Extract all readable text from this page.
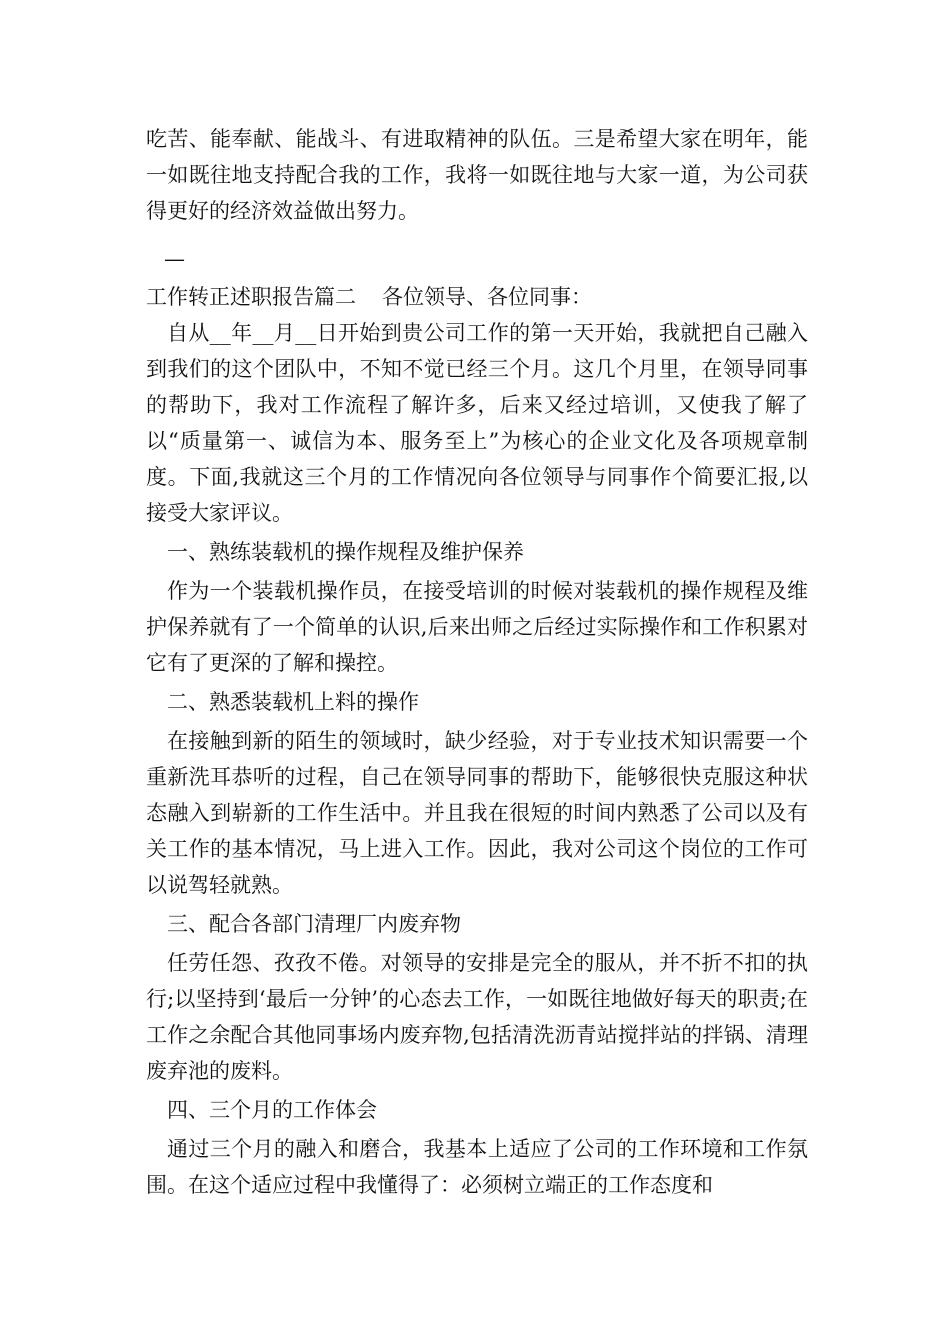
吃苦、能奉献、能战斗、有进取精神的队伍。三是希望大家在明年，能一如既往地支持配合我的工作，我将一如既往地与大家一道，为公司获得更好的经济效益做出努力。

—

工作转正述职报告篇二 各位领导、各位同事：

自从__年__月__日开始到贵公司工作的第一天开始，我就把自己融入到我们的这个团队中，不知不觉已经三个月。这几个月里，在领导同事的帮助下，我对工作流程了解许多，后来又经过培训，又使我了解了以“质量第一、诚信为本、服务至上”为核心的企业文化及各项规章制度。下面,我就这三个月的工作情况向各位领导与同事作个简要汇报,以接受大家评议。

一、熟练装载机的操作规程及维护保养

作为一个装载机操作员，在接受培训的时候对装载机的操作规程及维护保养就有了一个简单的认识,后来出师之后经过实际操作和工作积累对它有了更深的了解和操控。

二、熟悉装载机上料的操作

在接触到新的陌生的领域时，缺少经验，对于专业技术知识需要一个重新洗耳恭听的过程，自己在领导同事的帮助下，能够很快克服这种状态融入到崭新的工作生活中。并且我在很短的时间内熟悉了公司以及有关工作的基本情况，马上进入工作。因此，我对公司这个岗位的工作可以说驾轻就熟。

三、配合各部门清理厂内废弃物

任劳任怨、孜孜不倦。对领导的安排是完全的服从，并不折不扣的执行;以坚持到‘最后一分钟’的心态去工作，一如既往地做好每天的职责;在工作之余配合其他同事场内废弃物,包括清洗沥青站搅拌站的拌锅、清理废弃池的废料。

四、三个月的工作体会

通过三个月的融入和磨合，我基本上适应了公司的工作环境和工作氛围。在这个适应过程中我懂得了：必须树立端正的工作态度和
